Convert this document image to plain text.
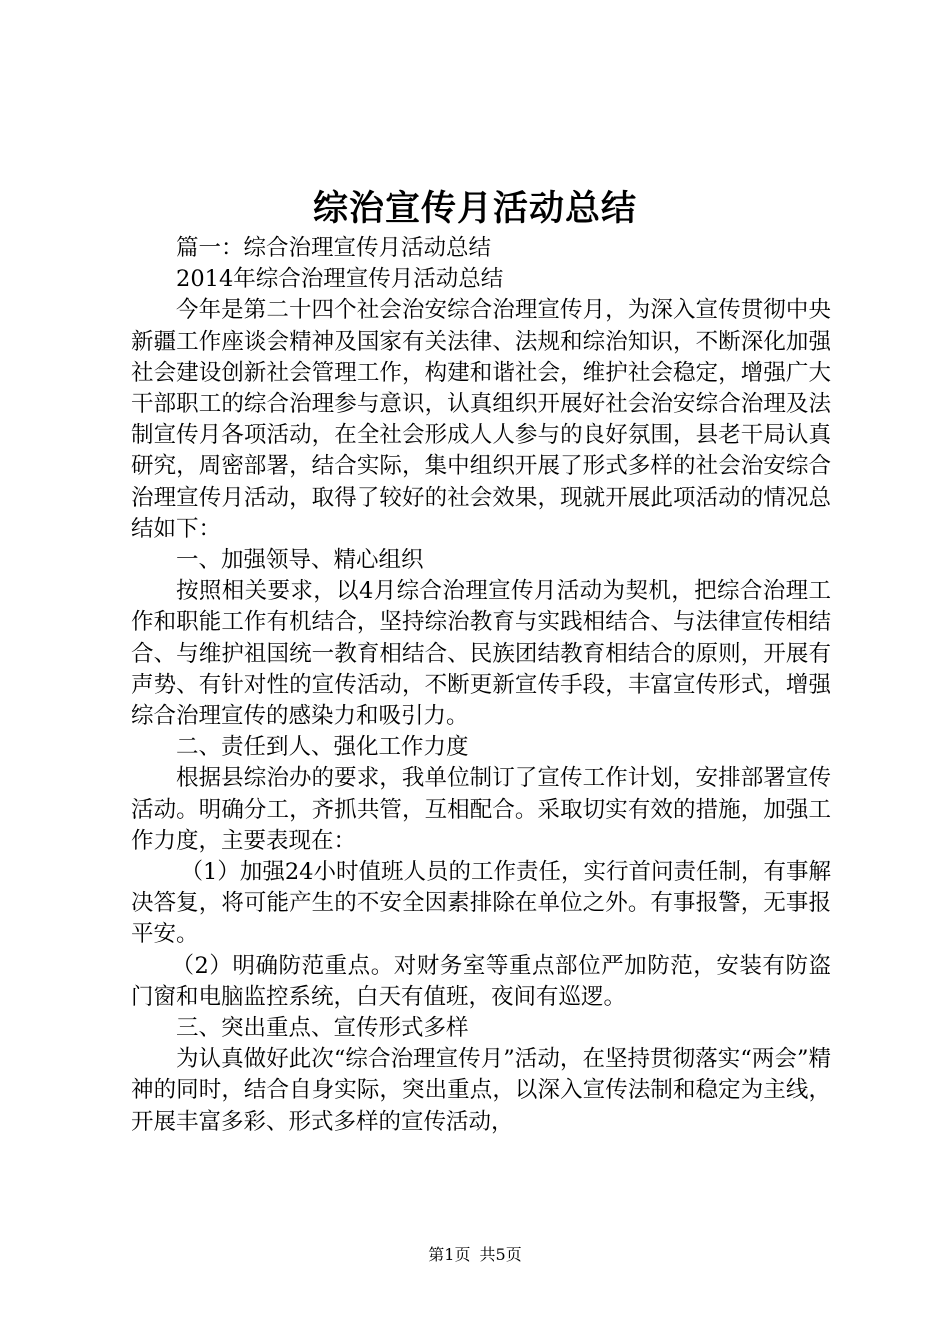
综治宣传月活动总结

篇一：综合治理宣传月活动总结

2014年综合治理宣传月活动总结

今年是第二十四个社会治安综合治理宣传月，为深入宣传贯彻中央新疆工作座谈会精神及国家有关法律、法规和综治知识，不断深化加强社会建设创新社会管理工作，构建和谐社会，维护社会稳定，增强广大干部职工的综合治理参与意识，认真组织开展好社会治安综合治理及法制宣传月各项活动，在全社会形成人人参与的良好氛围，县老干局认真研究，周密部署，结合实际，集中组织开展了形式多样的社会治安综合治理宣传月活动，取得了较好的社会效果，现就开展此项活动的情况总结如下：

一、加强领导、精心组织

按照相关要求，以4月综合治理宣传月活动为契机，把综合治理工作和职能工作有机结合，坚持综治教育与实践相结合、与法律宣传相结合、与维护祖国统一教育相结合、民族团结教育相结合的原则，开展有声势、有针对性的宣传活动，不断更新宣传手段，丰富宣传形式，增强综合治理宣传的感染力和吸引力。

二、责任到人、强化工作力度

根据县综治办的要求，我单位制订了宣传工作计划，安排部署宣传活动。明确分工，齐抓共管，互相配合。采取切实有效的措施，加强工作力度，主要表现在：

（1）加强24小时值班人员的工作责任，实行首问责任制，有事解决答复，将可能产生的不安全因素排除在单位之外。有事报警，无事报平安。

（2）明确防范重点。对财务室等重点部位严加防范，安装有防盗门窗和电脑监控系统，白天有值班，夜间有巡逻。

三、突出重点、宣传形式多样

为认真做好此次“综合治理宣传月”活动，在坚持贯彻落实“两会”精神的同时，结合自身实际，突出重点，以深入宣传法制和稳定为主线，开展丰富多彩、形式多样的宣传活动，

第1页 共5页
